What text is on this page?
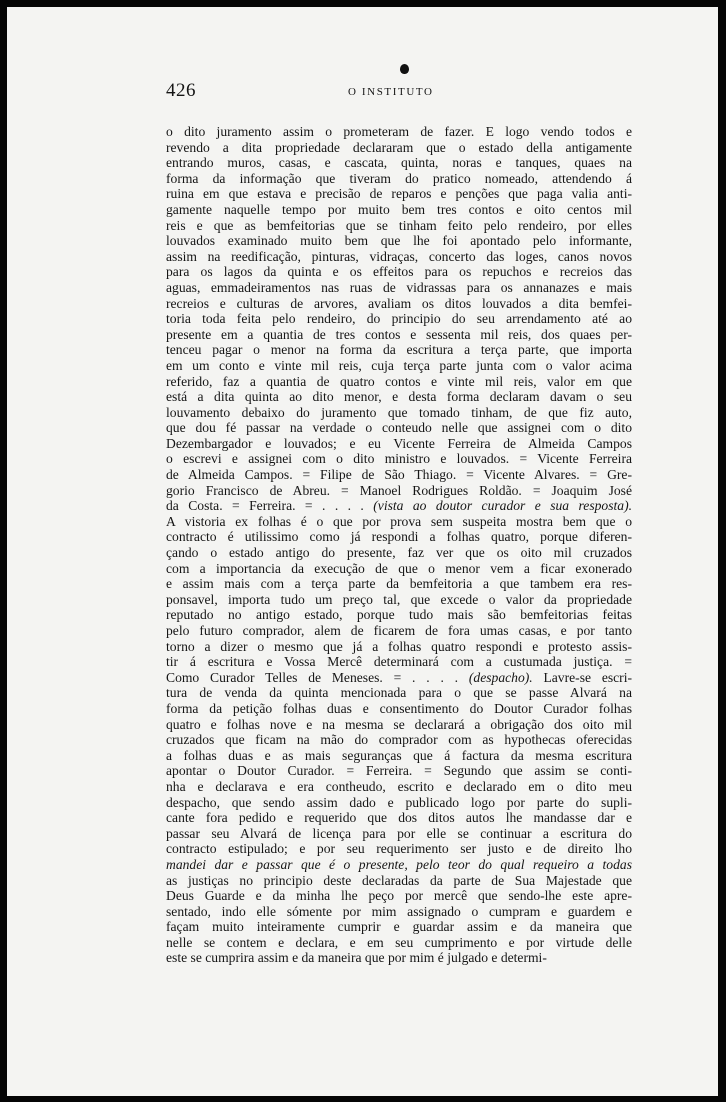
426	O INSTITUTO
o dito juramento assim o prometeram de fazer. E logo vendo todos e
revendo a dita propriedade declararam que o estado della antigamente
entrando muros, casas, e cascata, quinta, noras e tanques, quaes na
forma da informação que tiveram do pratico nomeado, attendendo á
ruina em que estava e precisão de reparos e penções que paga valia anti-
gamente naquelle tempo por muito bem tres contos e oito centos mil
reis e que as bemfeitorias que se tinham feito pelo rendeiro, por elles
louvados examinado muito bem que lhe foi apontado pelo informante,
assim na reedificação, pinturas, vidraças, concerto das loges, canos novos
para os lagos da quinta e os effeitos para os repuchos e recreios das
aguas, emmadeiramentos nas ruas de vidrassas para os annanazes e mais
recreios e culturas de arvores, avaliam os ditos louvados a dita bemfei-
toria toda feita pelo rendeiro, do principio do seu arrendamento até ao
presente em a quantia de tres contos e sessenta mil reis, dos quaes per-
tenceu pagar o menor na forma da escritura a terça parte, que importa
em um conto e vinte mil reis, cuja terça parte junta com o valor acima
referido, faz a quantia de quatro contos e vinte mil reis, valor em que
está a dita quinta ao dito menor, e desta forma declaram davam o seu
louvamento debaixo do juramento que tomado tinham, de que fiz auto,
que dou fé passar na verdade o conteudo nelle que assignei com o dito
Dezembargador e louvados; e eu Vicente Ferreira de Almeida Campos
o escrevi e assignei com o dito ministro e louvados. = Vicente Ferreira
de Almeida Campos. = Filipe de São Thiago. = Vicente Alvares. = Gre-
gorio Francisco de Abreu. = Manoel Rodrigues Roldão. = Joaquim José
da Costa. = Ferreira. = . . . . (vista ao doutor curador e sua resposta).
A vistoria ex folhas é o que por prova sem suspeita mostra bem que o
contracto é utilissimo como já respondi a folhas quatro, porque diferen-
çando o estado antigo do presente, faz ver que os oito mil cruzados
com a importancia da execução de que o menor vem a ficar exonerado
e assim mais com a terça parte da bemfeitoria a que tambem era res-
ponsavel, importa tudo um preço tal, que excede o valor da propriedade
reputado no antigo estado, porque tudo mais são bemfeitorias feitas
pelo futuro comprador, alem de ficarem de fora umas casas, e por tanto
torno a dizer o mesmo que já a folhas quatro respondi e protesto assis-
tir á escritura e Vossa Mercê determinará com a custumada justiça. =
Como Curador Telles de Meneses. = . . . . (despacho). Lavre-se escri-
tura de venda da quinta mencionada para o que se passe Alvará na
forma da petição folhas duas e consentimento do Doutor Curador folhas
quatro e folhas nove e na mesma se declarará a obrigação dos oito mil
cruzados que ficam na mão do comprador com as hypothecas oferecidas
a folhas duas e as mais seguranças que á factura da mesma escritura
apontar o Doutor Curador. = Ferreira. = Segundo que assim se conti-
nha e declarava e era contheudo, escrito e declarado em o dito meu
despacho, que sendo assim dado e publicado logo por parte do supli-
cante fora pedido e requerido que dos ditos autos lhe mandasse dar e
passar seu Alvará de licença para por elle se continuar a escritura do
contracto estipulado; e por seu requerimento ser justo e de direito lho
mandei dar e passar que é o presente, pelo teor do qual requeiro a todas
as justiças no principio deste declaradas da parte de Sua Majestade que
Deus Guarde e da minha lhe peço por mercê que sendo-lhe este apre-
sentado, indo elle sómente por mim assignado o cumpram e guardem e
façam muito inteiramente cumprir e guardar assim e da maneira que
nelle se contem e declara, e em seu cumprimento e por virtude delle
este se cumprira assim e da maneira que por mim é julgado e determi-
